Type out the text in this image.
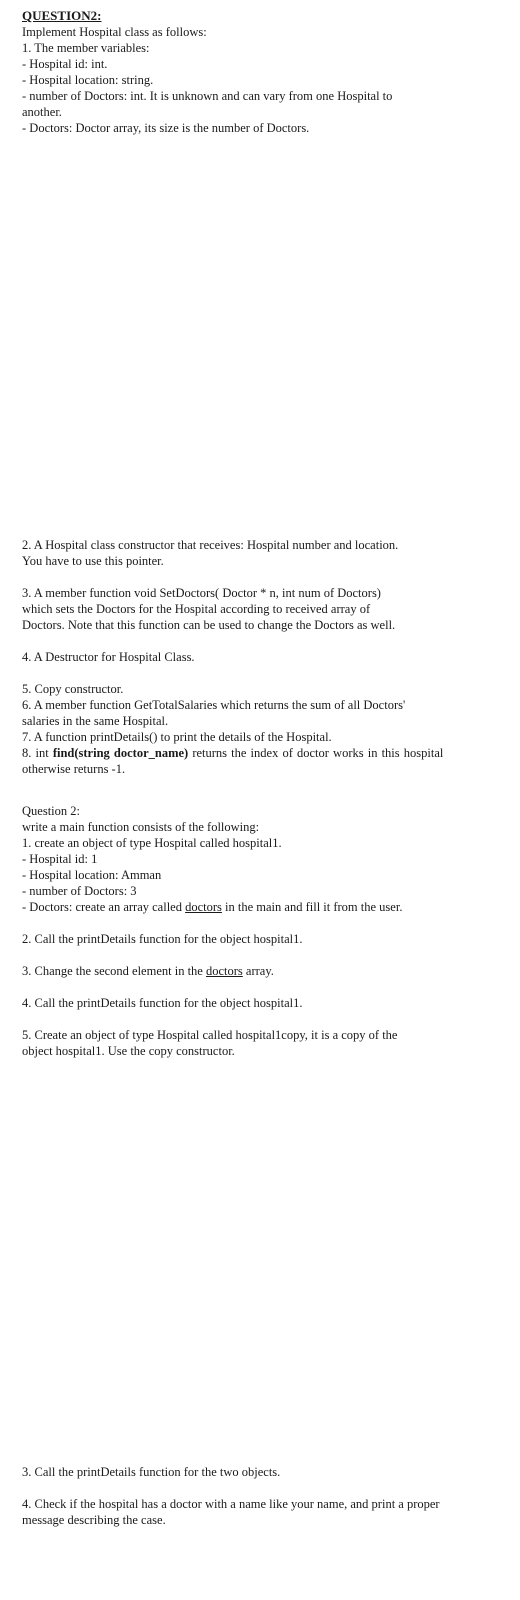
QUESTION2:
Implement Hospital class as follows:
1. The member variables:
- Hospital id: int.
- Hospital location: string.
- number of Doctors: int. It is unknown and can vary from one Hospital to
another.
- Doctors: Doctor array, its size is the number of Doctors.
2. A Hospital class constructor that receives: Hospital number and location.
You have to use this pointer.
3. A member function void SetDoctors( Doctor * n, int num of Doctors)
which sets the Doctors for the Hospital according to received array of
Doctors. Note that this function can be used to change the Doctors as well.
4. A Destructor for Hospital Class.
5. Copy constructor.
6. A member function GetTotalSalaries which returns the sum of all Doctors'
salaries in the same Hospital.
7. A function printDetails() to print the details of the Hospital.
8. int find(string doctor_name) returns the index of doctor works in this hospital
otherwise returns -1.
Question 2:
write a main function consists of the following:
1. create an object of type Hospital called hospital1.
- Hospital id: 1
- Hospital location: Amman
- number of Doctors: 3
- Doctors: create an array called doctors in the main and fill it from the user.
2. Call the printDetails function for the object hospital1.
3. Change the second element in the doctors array.
4. Call the printDetails function for the object hospital1.
5. Create an object of type Hospital called hospital1copy, it is a copy of the
object hospital1. Use the copy constructor.
3. Call the printDetails function for the two objects.
4. Check if the hospital has a doctor with a name like your name, and print a proper
message describing the case.
